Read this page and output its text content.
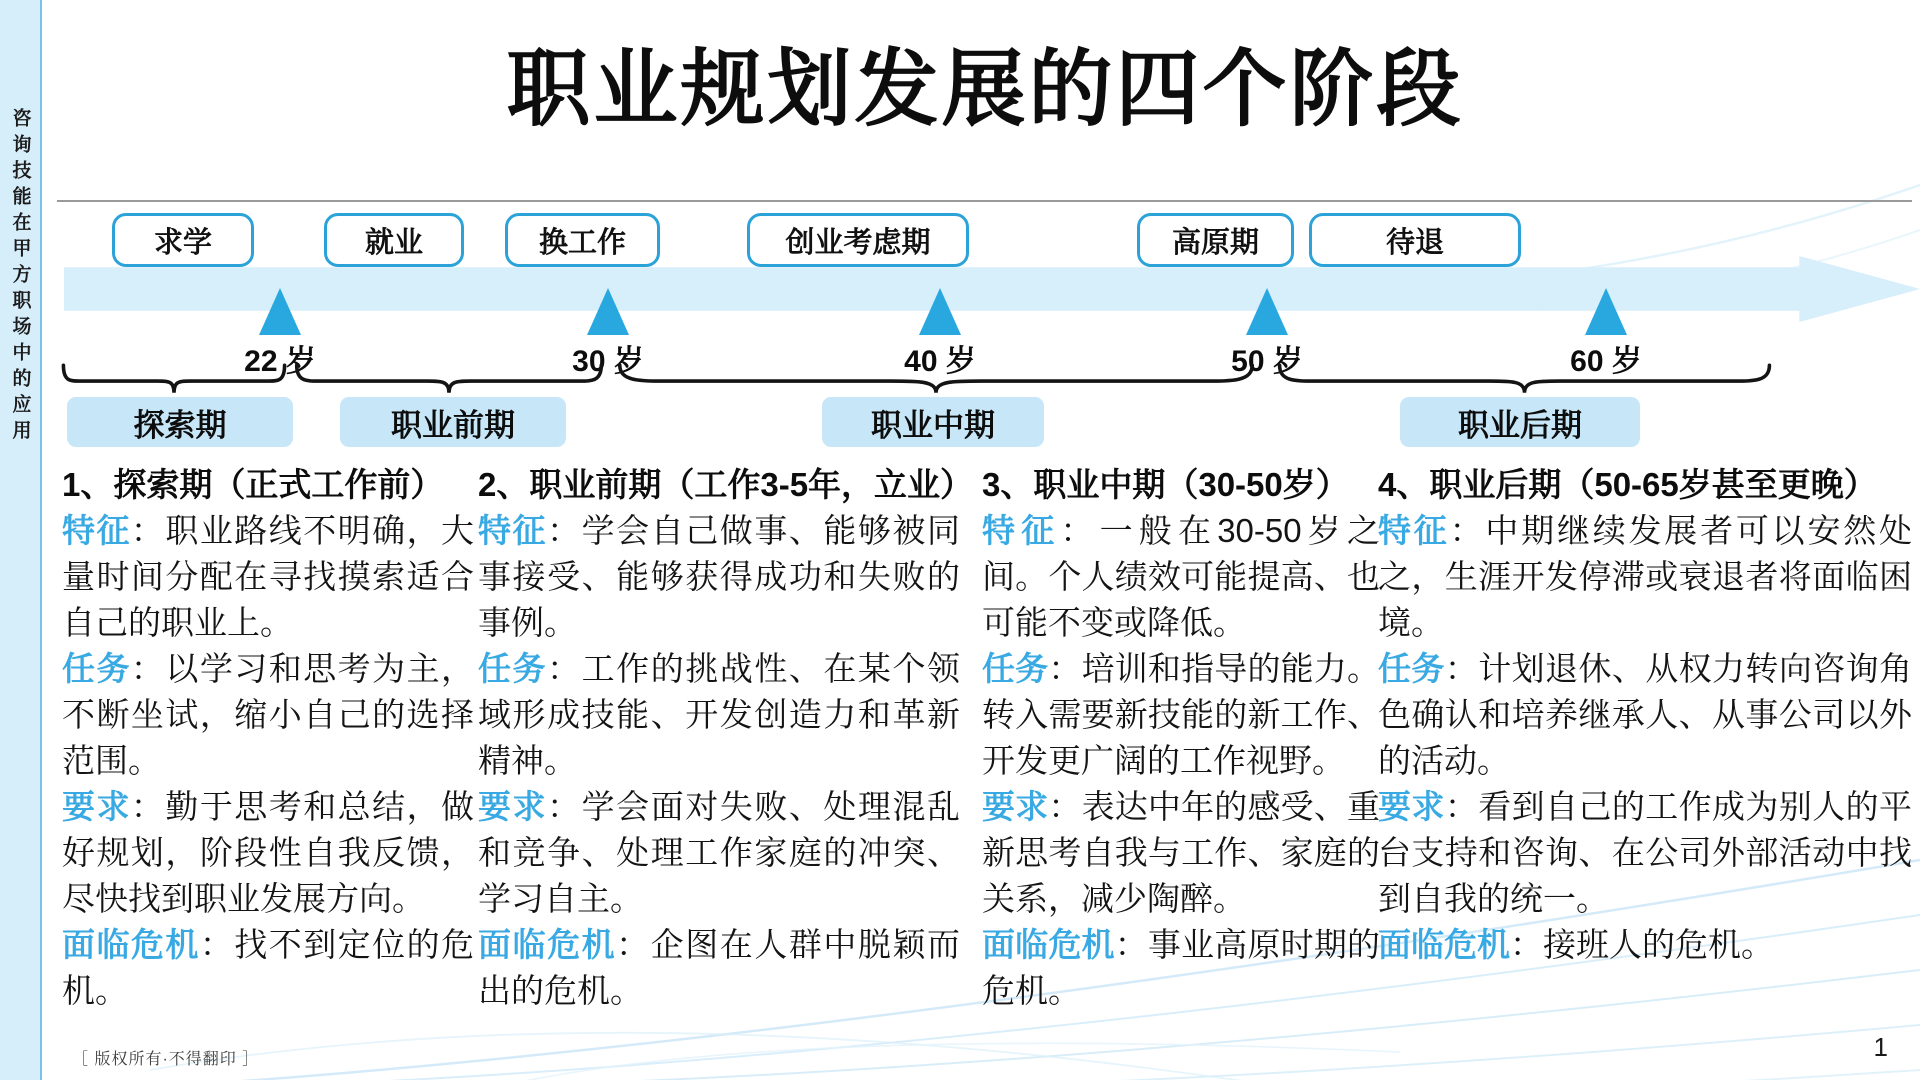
咨询技能在甲方职场中的应用
职业规划发展的四个阶段
求学	就业	换工作	创业考虑期	高原期	待退
22 岁	30 岁	40 岁	50 岁	60 岁
探索期	职业前期	职业中期	职业后期
1、探索期（正式工作前）
特征：职业路线不明确，大量时间分配在寻找摸索适合自己的职业上。
任务：以学习和思考为主，不断坐试，缩小自己的选择范围。
要求：勤于思考和总结，做好规划，阶段性自我反馈，尽快找到职业发展方向。
面临危机：找不到定位的危机。
2、职业前期（工作3-5年，立业）
特征：学会自己做事、能够被同事接受、能够获得成功和失败的事例。
任务：工作的挑战性、在某个领域形成技能、开发创造力和革新精神。
要求：学会面对失败、处理混乱和竞争、处理工作家庭的冲突、学习自主。
面临危机：企图在人群中脱颖而出的危机。
3、职业中期（30-50岁）
特征：一般在30-50岁之间。个人绩效可能提高、也可能不变或降低。
任务：培训和指导的能力。转入需要新技能的新工作、开发更广阔的工作视野。
要求：表达中年的感受、重新思考自我与工作、家庭的关系，减少陶醉。
面临危机：事业高原时期的危机。
4、职业后期（50-65岁甚至更晚）
特征：中期继续发展者可以安然处之，生涯开发停滞或衰退者将面临困境。
任务：计划退休、从权力转向咨询角色确认和培养继承人、从事公司以外的活动。
要求：看到自己的工作成为别人的平台支持和咨询、在公司外部活动中找到自我的统一。
面临危机：接班人的危机。
［ 版权所有·不得翻印 ］	1
